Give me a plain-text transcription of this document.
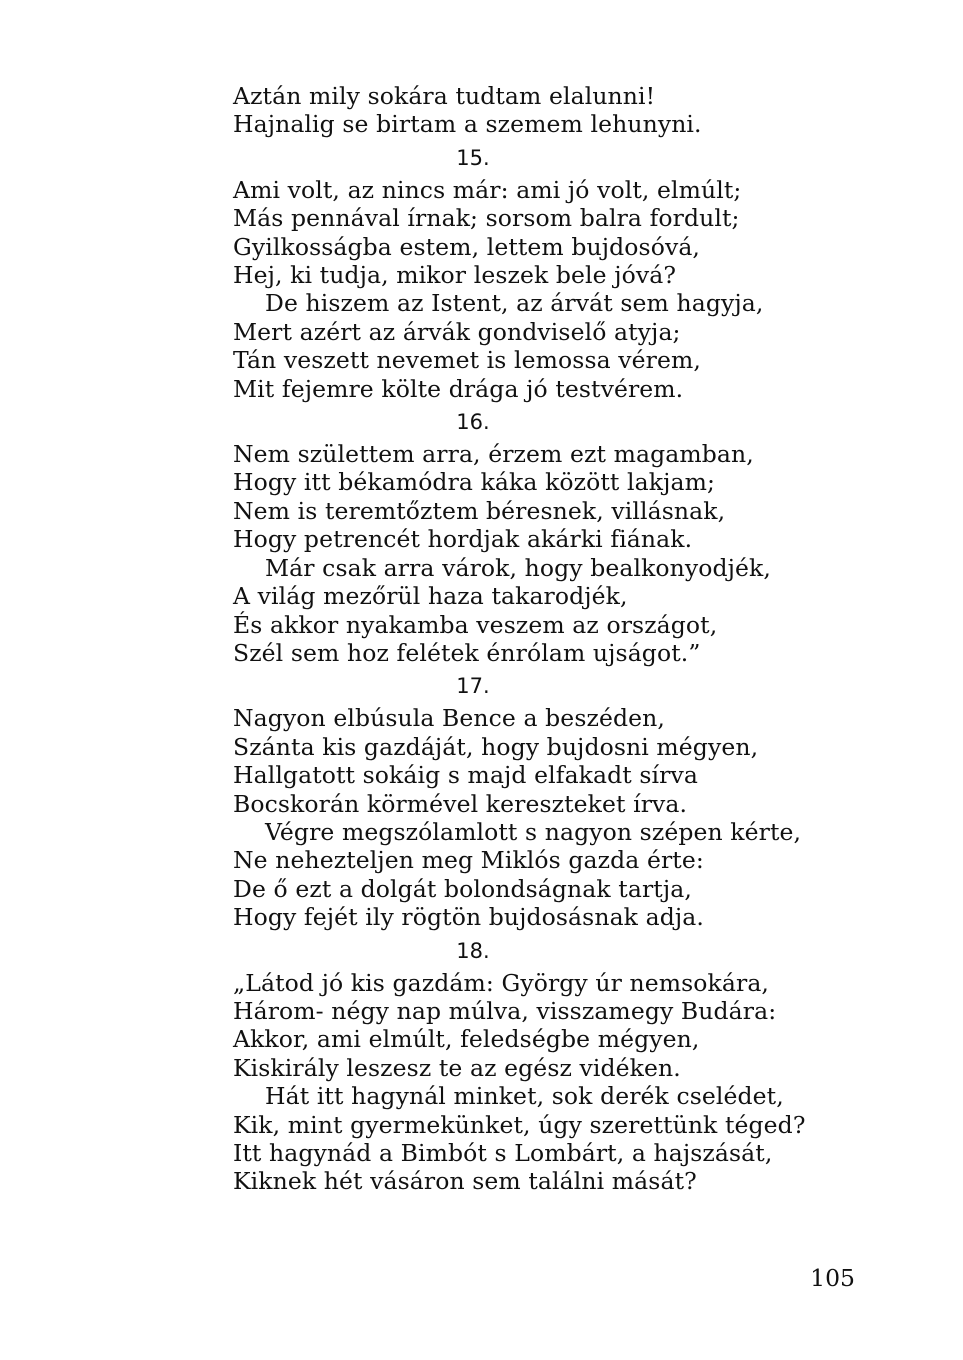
Aztán mily sokára tudtam elalunni!
Hajnalig se birtam a szemem lehunyni.
15.
Ami volt, az nincs már: ami jó volt, elmúlt;
Más pennával írnak; sorsom balra fordult;
Gyilkosságba estem, lettem bujdosóvá,
Hej, ki tudja, mikor leszek bele jóvá?
De hiszem az Istent, az árvát sem hagyja,
Mert azért az árvák gondviselő atyja;
Tán veszett nevemet is lemossa vérem,
Mit fejemre költe drága jó testvérem.
16.
Nem születtem arra, érzem ezt magamban,
Hogy itt békamódra káka között lakjam;
Nem is teremtőztem béresnek, villásnak,
Hogy petrencét hordjak akárki fiának.
Már csak arra várok, hogy bealkonyodjék,
A világ mezőrül haza takarodjék,
És akkor nyakamba veszem az országot,
Szél sem hoz felétek énrólam ujságot.”
17.
Nagyon elbúsula Bence a beszéden,
Szánta kis gazdáját, hogy bujdosni mégyen,
Hallgatott sokáig s majd elfakadt sírva
Bocskorán körmével kereszteket írva.
Végre megszólamlott s nagyon szépen kérte,
Ne nehezteljen meg Miklós gazda érte:
De ő ezt a dolgát bolondságnak tartja,
Hogy fejét ily rögtön bujdosásnak adja.
18.
„Látod jó kis gazdám: György úr nemsokára,
Három- négy nap múlva, visszamegy Budára:
Akkor, ami elmúlt, feledségbe mégyen,
Kiskirály leszesz te az egész vidéken.
Hát itt hagynál minket, sok derék cselédet,
Kik, mint gyermekünket, úgy szerettünk téged?
Itt hagynád a Bimbót s Lombárt, a hajszását,
Kiknek hét vásáron sem találni mását?
105
